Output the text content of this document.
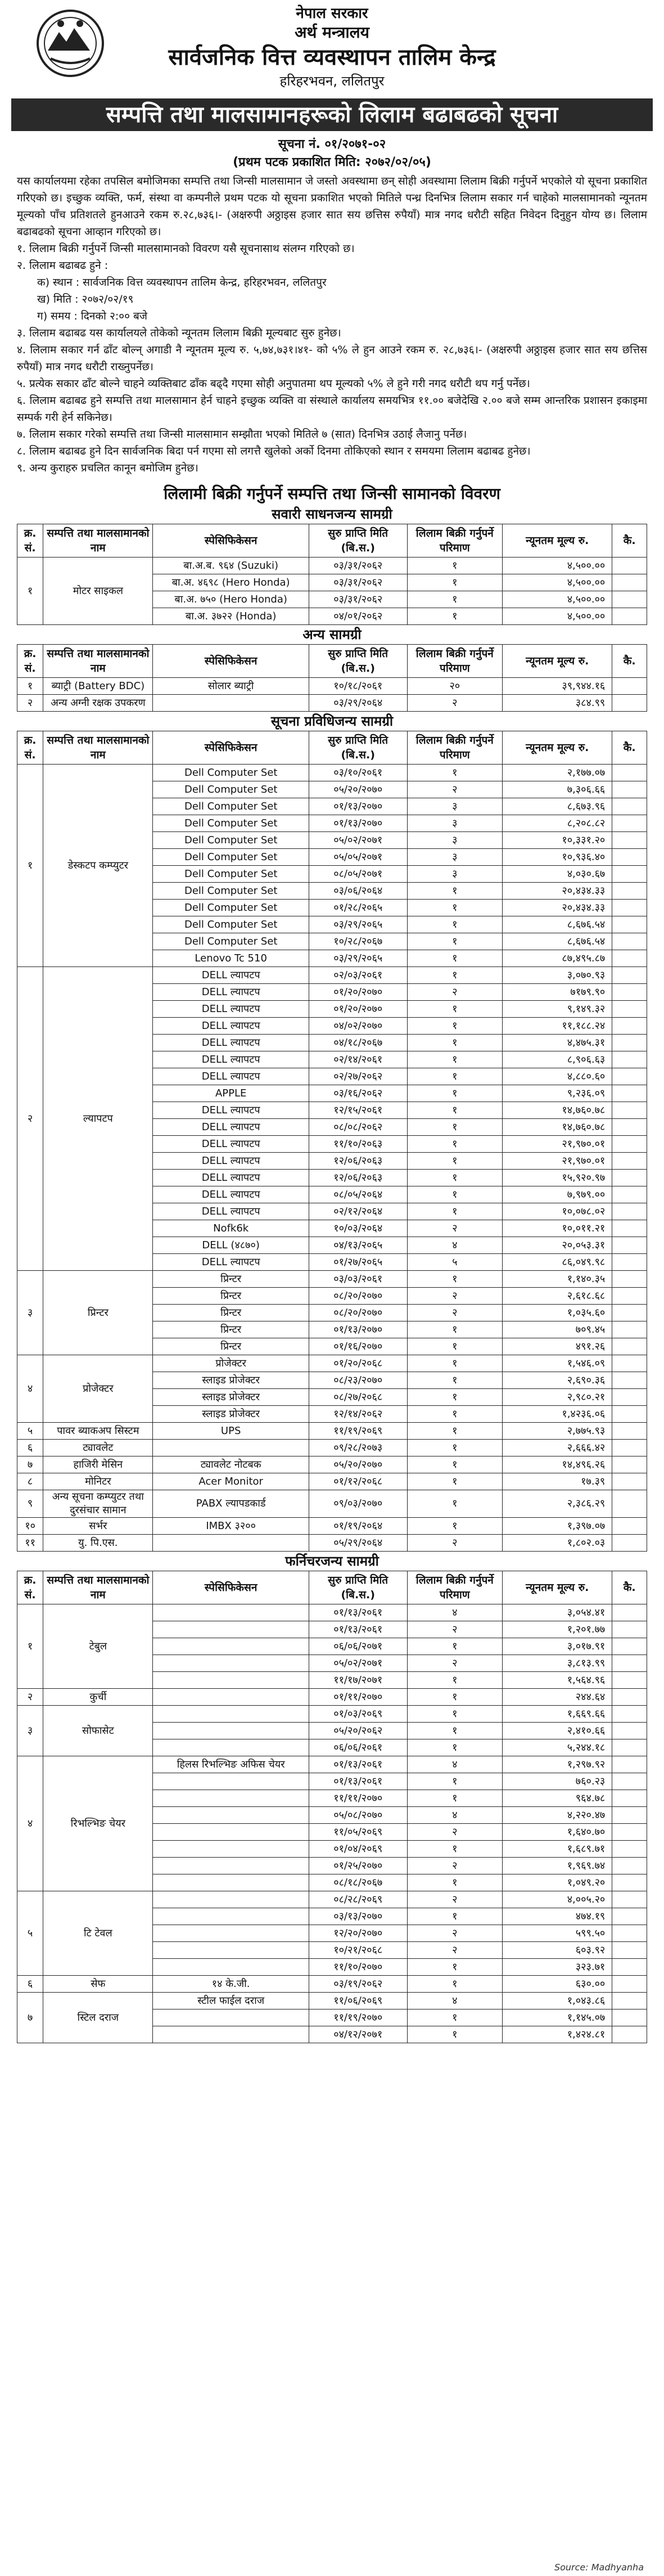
नेपाल सरकार
अर्थ मन्त्रालय
सार्वजनिक वित्त व्यवस्थापन तालिम केन्द्र
हरिहरभवन, ललितपुर
सम्पत्ति तथा मालसामानहरूको लिलाम बढाबढको सूचना
सूचना नं. ०१/२०७१-०२
(प्रथम पटक प्रकाशित मिति: २०७२/०२/०५)

यस कार्यालयमा रहेका तपसिल बमोजिमका सम्पत्ति तथा जिन्सी मालसामान जे जस्तो अवस्थामा छन् सोही अवस्थामा लिलाम बिक्री गर्नुपर्ने भएकोले यो सूचना प्रकाशित गरिएको छ। इच्छुक व्यक्ति, फर्म, संस्था वा कम्पनीले प्रथम पटक यो सूचना प्रकाशित भएको मितिले पन्ध्र दिनभित्र लिलाम सकार गर्न चाहेको मालसामानको न्यूनतम मूल्यको पाँच प्रतिशतले हुनआउने रकम रु.२८,७३६।- (अक्षरुपी अठ्ठाइस हजार सात सय छत्तिस रुपैयाँ) मात्र नगद धरौटी सहित निवेदन दिनुहुन योग्य छ। लिलाम बढाबढको सूचना आव्हान गरिएको छ।

१. लिलाम बिक्री गर्नुपर्ने जिन्सी मालसामानको विवरण यसै सूचनासाथ संलग्न गरिएको छ।

२. लिलाम बढाबढ हुने :

क) स्थान : सार्वजनिक वित्त व्यवस्थापन तालिम केन्द्र, हरिहरभवन, ललितपुर

ख) मिति : २०७२/०२/१९

ग) समय : दिनको २:०० बजे

३. लिलाम बढाबढ यस कार्यालयले तोकेको न्यूनतम लिलाम बिक्री मूल्यबाट सुरु हुनेछ।

४. लिलाम सकार गर्न ढाँट बोल्न् अगाडी नै न्यूनतम मूल्य रु. ५,७४,७३१।४१- को ५% ले हुन आउने रकम रु. २८,७३६।- (अक्षरुपी अठ्ठाइस हजार सात सय छत्तिस रुपैयाँ) मात्र नगद धरौटी राख्नुपर्नेछ।

५. प्रत्येक सकार ढाँट बोल्ने चाहने व्यक्तिबाट ढाँक बढ्दै गएमा सोही अनुपातमा थप मूल्यको ५% ले हुने गरी नगद धरौटी थप गर्नु पर्नेछ।

६. लिलाम बढाबढ हुने सम्पत्ति तथा मालसामान हेर्न चाहने इच्छुक व्यक्ति वा संस्थाले कार्यालय समयभित्र ११.०० बजेदेखि २.०० बजे सम्म आन्तरिक प्रशासन इकाइमा सम्पर्क गरी हेर्न सकिनेछ।

७. लिलाम सकार गरेको सम्पत्ति तथा जिन्सी मालसामान सम्झौता भएको मितिले ७ (सात) दिनभित्र उठाई लैजानु पर्नेछ।

८. लिलाम बढाबढ हुने दिन सार्वजनिक बिदा पर्न गएमा सो लगत्तै खुलेको अर्को दिनमा तोकिएको स्थान र समयमा लिलाम बढाबढ हुनेछ।

९. अन्य कुराहरु प्रचलित कानून बमोजिम हुनेछ।

लिलामी बिक्री गर्नुपर्ने सम्पत्ति तथा जिन्सी सामानको विवरण
सवारी साधनजन्य सामग्री
क्र. सं.	सम्पत्ति तथा मालसामानको नाम	स्पेसिफिकेसन	सुरु प्राप्ति मिति (बि.स.)	लिलाम बिक्री गर्नुपर्ने परिमाण	न्यूनतम मूल्य रु.	कै.
१	मोटर साइकल	बा.अ.ब. ९६४ (Suzuki)	०३/३१/२०६२	१	४,५००.००	
		बा.अ. ४६९८ (Hero Honda)	०३/३१/२०६२	१	४,५००.००	
		बा.अ. ७५० (Hero Honda)	०३/३१/२०६२	१	४,५००.००	
		बा.अ. ३७२२ (Honda)	०४/०१/२०६२	१	४,५००.००	
अन्य सामग्री
क्र. सं.	सम्पत्ति तथा मालसामानको नाम	स्पेसिफिकेसन	सुरु प्राप्ति मिति (बि.स.)	लिलाम बिक्री गर्नुपर्ने परिमाण	न्यूनतम मूल्य रु.	कै.
१	ब्याट्री (Battery BDC)	सोलार ब्याट्री	१०/१८/२०६१	२०	३९,९४४.१६	
२	अन्य अग्नी रक्षक उपकरण		०३/२९/२०६४	२	३८४.९९	
सूचना प्रविधिजन्य सामग्री
क्र. सं.	सम्पत्ति तथा मालसामानको नाम	स्पेसिफिकेसन	सुरु प्राप्ति मिति (बि.स.)	लिलाम बिक्री गर्नुपर्ने परिमाण	न्यूनतम मूल्य रु.	कै.
१	डेस्कटप कम्प्युटर	Dell Computer Set	०३/१०/२०६१	१	२,१७७.०७	
		Dell Computer Set	०५/२०/२०७०	२	७,३०६.६६	
		Dell Computer Set	०१/१३/२०७०	३	८,६७३.९६	
		Dell Computer Set	०१/१३/२०७०	३	८,२०८.८२	
		Dell Computer Set	०५/०२/२०७१	३	१०,३३१.२०	
		Dell Computer Set	०५/०५/२०७१	३	१०,९३६.४०	
		Dell Computer Set	०८/०५/२०७१	३	४,०३०.६७	
		Dell Computer Set	०३/०६/२०६४	१	२०,४३४.३३	
		Dell Computer Set	०१/२८/२०६५	१	२०,४३४.३३	
		Dell Computer Set	०३/२९/२०६५	१	८,६७६.५४	
		Dell Computer Set	१०/२८/२०६७	१	८,६७६.५४	
		Lenovo Tc 510	०३/२९/२०६५	१	८७,४९५.८७	
२	ल्यापटप	DELL ल्यापटप	०२/०३/२०६१	१	३,०७०.९३	
		DELL ल्यापटप	०१/२०/२०७०	२	७१७९.९०	
		DELL ल्यापटप	०१/२०/२०७०	१	९,१४९.३२	
		DELL ल्यापटप	०४/०२/२०७०	१	११,१८८.२४	
		DELL ल्यापटप	०४/१८/२०६७	१	४,४७५.३१	
		DELL ल्यापटप	०२/१४/२०६१	१	८,९०६.६३	
		DELL ल्यापटप	०२/२७/२०६२	१	४,८८०.६०	
		APPLE	०३/१६/२०६२	१	९,२३६.०९	
		DELL ल्यापटप	१२/१५/२०६१	१	१४,७६०.७८	
		DELL ल्यापटप	०८/०८/२०६२	१	१४,७६०.७८	
		DELL ल्यापटप	११/१०/२०६३	१	२१,९७०.०१	
		DELL ल्यापटप	१२/०६/२०६३	१	२१,९७०.०१	
		DELL ल्यापटप	१२/०६/२०६३	१	१५,९२०.९७	
		DELL ल्यापटप	०८/०५/२०६४	१	७,९७९.००	
		DELL ल्यापटप	०२/१२/२०६४	१	१०,०७८.०२	
		Nofk6k	१०/०३/२०६४	२	१०,०११.२१	
		DELL (४८७०)	०४/१३/२०६५	४	२०,०५३.३१	
		DELL ल्यापटप	०१/२७/२०६५	५	८६,०४९.९८	
३	प्रिन्टर	प्रिन्टर	०३/०३/२०६१	१	१,१४०.३५	
		प्रिन्टर	०८/२०/२०७०	२	२,६१८.६८	
		प्रिन्टर	०८/२०/२०७०	२	१,०३५.६०	
		प्रिन्टर	०१/१३/२०७०	१	७०९.४५	
		प्रिन्टर	०१/१६/२०७०	१	४९१.२६	
४	प्रोजेक्टर	प्रोजेक्टर	०१/२०/२०६८	१	१,५४६.०९	
		स्लाइड प्रोजेक्टर	०८/२३/२०७०	१	२,६९०.३६	
		स्लाइड प्रोजेक्टर	०८/२७/२०६८	१	२,९८०.२१	
		स्लाइड प्रोजेक्टर	१२/१४/२०६२	१	१,४२३६.०६	
५	पावर ब्याकअप सिस्टम	UPS	११/१९/२०६९	१	२,७७५.९३	
६	ट्यावलेट		०९/२८/२०७३	१	२,६६६.४२	
७	हाजिरी मेसिन	ट्यावलेट नोटबक	०५/२०/२०७०	१	१४,४९६.२६	
८	मोनिटर	Acer Monitor	०१/१२/२०६८	१	१७.३९	
९	अन्य सूचना कम्प्युटर तथा दुरसंचार सामान	PABX ल्यापडकार्ड	०९/०३/२०७०	१	२,३८६.२९	
१०	सर्भर	IMBX ३२००	०१/१९/२०६४	१	१,३९७.०७	
११	यु. पि.एस.		०५/२९/२०६४	२	१,८०२.०३	
फर्निचरजन्य सामग्री
क्र. सं.	सम्पत्ति तथा मालसामानको नाम	स्पेसिफिकेसन	सुरु प्राप्ति मिति (बि.स.)	लिलाम बिक्री गर्नुपर्ने परिमाण	न्यूनतम मूल्य रु.	कै.
१	टेबुल		०१/१३/२०६१	४	३,०५४.४१	
			०१/१३/२०६१	२	१,२०१.७७	
			०६/०६/२०७१	१	३,०१७.९१	
			०५/०२/२०७१	२	३,८१३.९९	
			११/१७/२०७१	१	१,५६४.९६	
२	कुर्ची		०१/११/२०७०	१	२४४.६४	
३	सोफासेट		०१/०३/२०६९	१	१,६६९.६६	
			०५/२०/२०६२	१	२,४१०.६६	
			०६/०६/२०६१	१	५,२४४.१८	
४	रिभल्भिङ चेयर	हिलस रिभल्भिङ अफिस चेयर	०१/१३/२०६१	४	१,२९७.९२	
			०१/१३/२०६१	१	७६०.२३	
			११/११/२०७०	१	९६४.७८	
			०५/०८/२०७०	४	४,२२०.४७	
			११/०५/२०६९	२	१,६४०.७०	
			०१/०४/२०६९	१	१,६८९.७१	
			०१/२५/२०७०	२	१,९६९.७४	
			०८/१८/२०६७	१	१,०४९.२०	
५	टि टेवल		०८/२८/२०६९	२	४,००५.२०	
			०३/१३/२०७०	१	४७४.१९	
			१२/२०/२०७०	२	५९९.५०	
			१०/२१/२०६८	२	६०३.९२	
			११/१०/२०७०	१	३२३.७१	
६	सेफ	१४ के.जी.	०३/१९/२०६२	१	६३०.००	
७	स्टिल दराज	स्टील फाईल दराज	११/०६/२०६९	४	१,०४३.८६	
			११/१९/२०७०	१	१,१४५.०७	
			०४/१२/२०७१	१	१,४२४.८१	
Source: Madhyanha
